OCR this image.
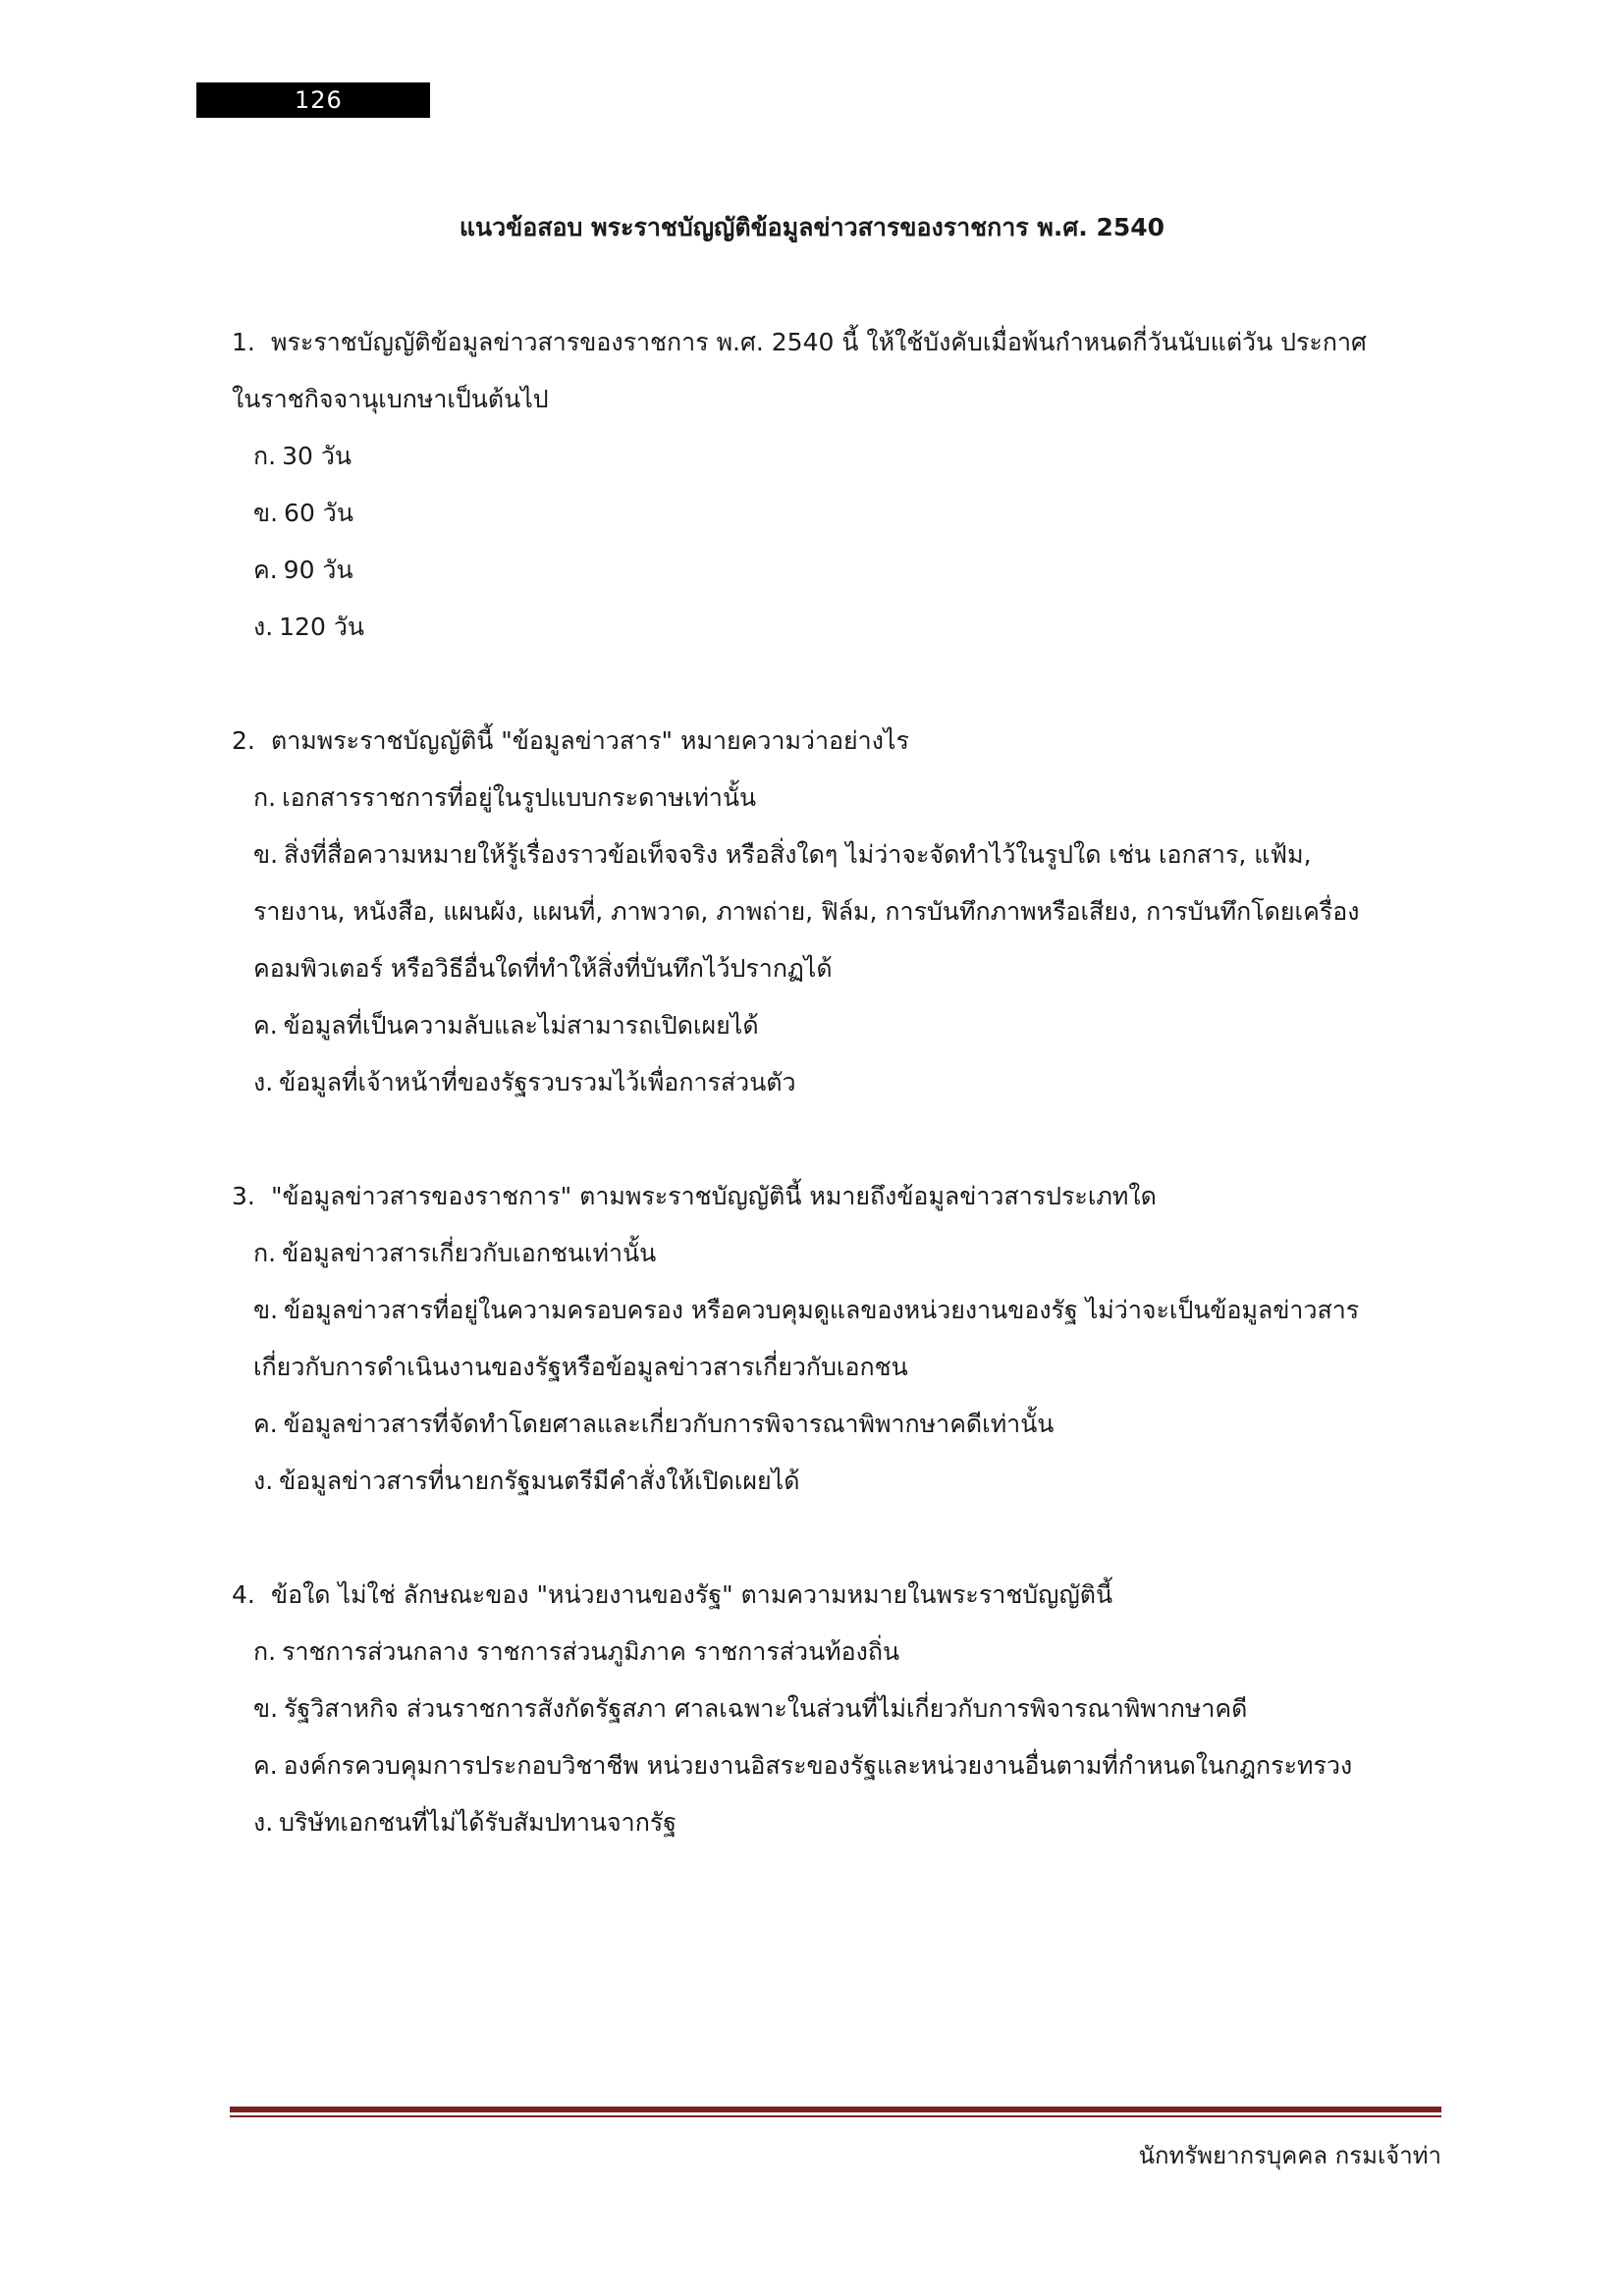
126
แนวข้อสอบ พระราชบัญญัติข้อมูลข่าวสารของราชการ พ.ศ. 2540

1. พระราชบัญญัติข้อมูลข่าวสารของราชการ พ.ศ. 2540 นี้ ให้ใช้บังคับเมื่อพ้นกำหนดกี่วันนับแต่วัน ประกาศในราชกิจจานุเบกษาเป็นต้นไป

ก. 30 วัน

ข. 60 วัน

ค. 90 วัน

ง. 120 วัน

2. ตามพระราชบัญญัตินี้ "ข้อมูลข่าวสาร" หมายความว่าอย่างไร

ก. เอกสารราชการที่อยู่ในรูปแบบกระดาษเท่านั้น

ข. สิ่งที่สื่อความหมายให้รู้เรื่องราวข้อเท็จจริง หรือสิ่งใดๆ ไม่ว่าจะจัดทำไว้ในรูปใด เช่น เอกสาร, แฟ้ม, รายงาน, หนังสือ, แผนผัง, แผนที่, ภาพวาด, ภาพถ่าย, ฟิล์ม, การบันทึกภาพหรือเสียง, การบันทึกโดยเครื่องคอมพิวเตอร์ หรือวิธีอื่นใดที่ทำให้สิ่งที่บันทึกไว้ปรากฏได้

ค. ข้อมูลที่เป็นความลับและไม่สามารถเปิดเผยได้

ง. ข้อมูลที่เจ้าหน้าที่ของรัฐรวบรวมไว้เพื่อการส่วนตัว

3. "ข้อมูลข่าวสารของราชการ" ตามพระราชบัญญัตินี้ หมายถึงข้อมูลข่าวสารประเภทใด

ก. ข้อมูลข่าวสารเกี่ยวกับเอกชนเท่านั้น

ข. ข้อมูลข่าวสารที่อยู่ในความครอบครอง หรือควบคุมดูแลของหน่วยงานของรัฐ ไม่ว่าจะเป็นข้อมูลข่าวสารเกี่ยวกับการดำเนินงานของรัฐหรือข้อมูลข่าวสารเกี่ยวกับเอกชน

ค. ข้อมูลข่าวสารที่จัดทำโดยศาลและเกี่ยวกับการพิจารณาพิพากษาคดีเท่านั้น

ง. ข้อมูลข่าวสารที่นายกรัฐมนตรีมีคำสั่งให้เปิดเผยได้

4. ข้อใด ไม่ใช่ ลักษณะของ "หน่วยงานของรัฐ" ตามความหมายในพระราชบัญญัตินี้

ก. ราชการส่วนกลาง ราชการส่วนภูมิภาค ราชการส่วนท้องถิ่น

ข. รัฐวิสาหกิจ ส่วนราชการสังกัดรัฐสภา ศาลเฉพาะในส่วนที่ไม่เกี่ยวกับการพิจารณาพิพากษาคดี

ค. องค์กรควบคุมการประกอบวิชาชีพ หน่วยงานอิสระของรัฐและหน่วยงานอื่นตามที่กำหนดในกฎกระทรวง

ง. บริษัทเอกชนที่ไม่ได้รับสัมปทานจากรัฐ

นักทรัพยากรบุคคล กรมเจ้าท่า
